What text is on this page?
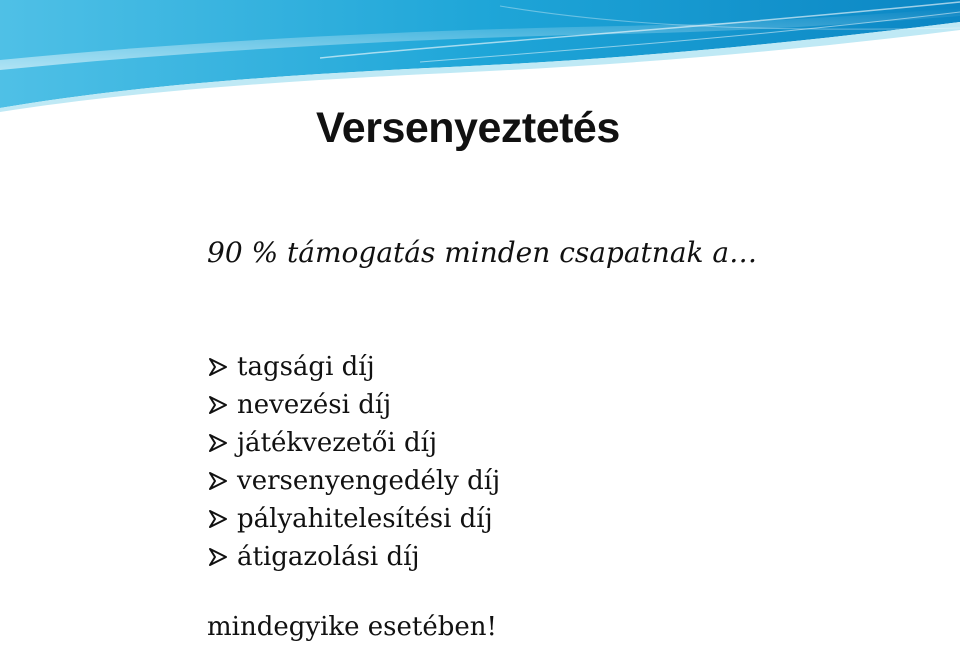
Versenyeztetés
90 % támogatás minden csapatnak a…
tagsági díj
nevezési díj
játékvezetői díj
versenyengedély díj
pályahitelesítési díj
átigazolási díj
mindegyike esetében!
